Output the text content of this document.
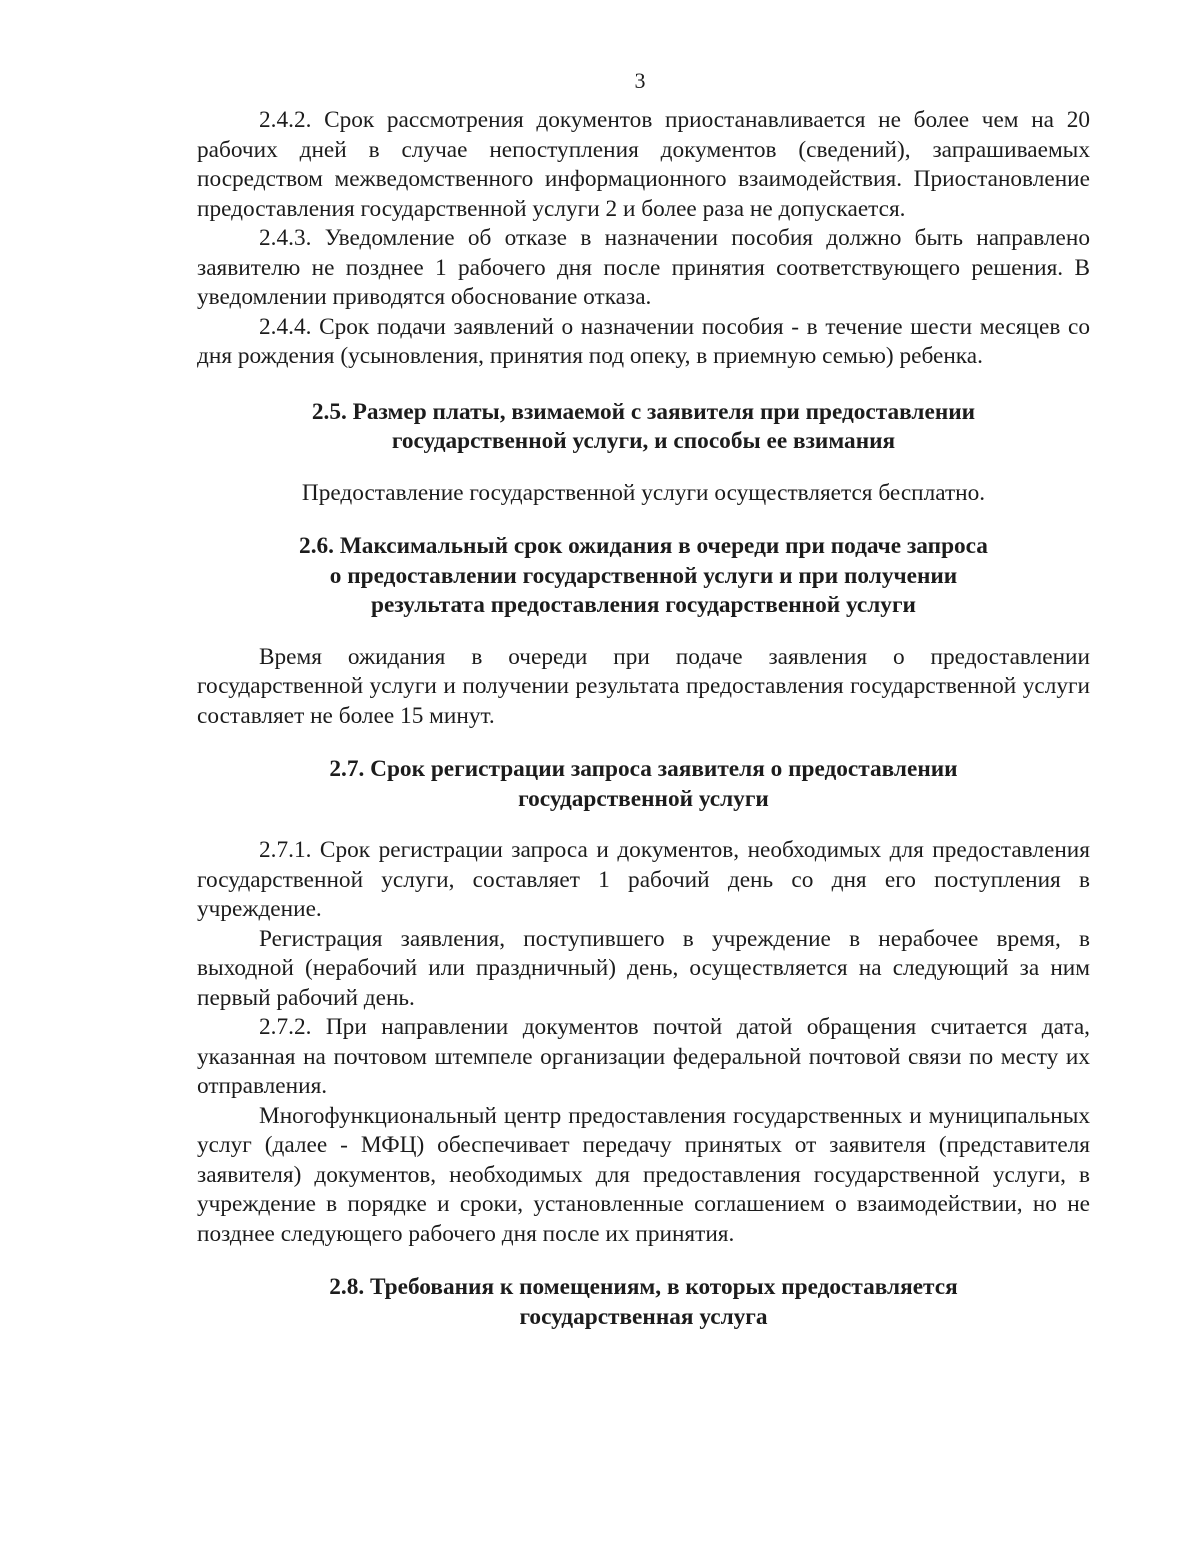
3

2.4.2. Срок рассмотрения документов приостанавливается не более чем на 20 рабочих дней в случае непоступления документов (сведений), запрашиваемых посредством межведомственного информационного взаимодействия. Приостановление предоставления государственной услуги 2 и более раза не допускается.

2.4.3. Уведомление об отказе в назначении пособия должно быть направлено заявителю не позднее 1 рабочего дня после принятия соответствующего решения. В уведомлении приводятся обоснование отказа.

2.4.4. Срок подачи заявлений о назначении пособия - в течение шести месяцев со дня рождения (усыновления, принятия под опеку, в приемную семью) ребенка.

2.5. Размер платы, взимаемой с заявителя при предоставлении

государственной услуги, и способы ее взимания

Предоставление государственной услуги осуществляется бесплатно.

2.6. Максимальный срок ожидания в очереди при подаче запроса

о предоставлении государственной услуги и при получении

результата предоставления государственной услуги

Время ожидания в очереди при подаче заявления о предоставлении государственной услуги и получении результата предоставления государственной услуги составляет не более 15 минут.

2.7. Срок регистрации запроса заявителя о предоставлении

государственной услуги

2.7.1. Срок регистрации запроса и документов, необходимых для предоставления государственной услуги, составляет 1 рабочий день со дня его поступления в учреждение.

Регистрация заявления, поступившего в учреждение в нерабочее время, в выходной (нерабочий или праздничный) день, осуществляется на следующий за ним первый рабочий день.

2.7.2. При направлении документов почтой датой обращения считается дата, указанная на почтовом штемпеле организации федеральной почтовой связи по месту их отправления.

Многофункциональный центр предоставления государственных и муниципальных услуг (далее - МФЦ) обеспечивает передачу принятых от заявителя (представителя заявителя) документов, необходимых для предоставления государственной услуги, в учреждение в порядке и сроки, установленные соглашением о взаимодействии, но не позднее следующего рабочего дня после их принятия.

2.8. Требования к помещениям, в которых предоставляется

государственная услуга
